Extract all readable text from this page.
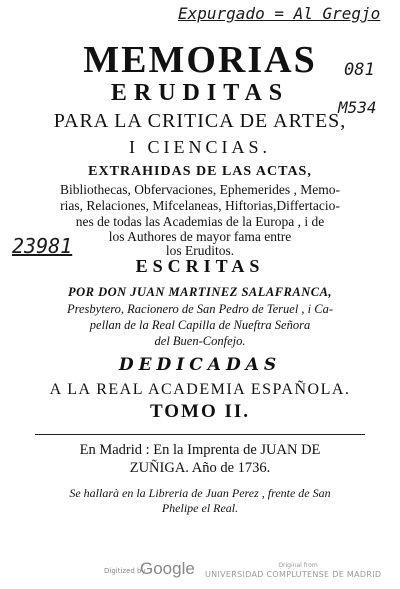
Expurgado = Al Gregjo
081
M534
23981
MEMORIAS
ERUDITAS
PARA LA CRITICA DE ARTES,
I CIENCIAS.
EXTRAHIDAS DE LAS ACTAS,
Bibliothecas, Obfervaciones, Ephemerides , Memo-
rias, Relaciones, Mifcelaneas, Hiftorias,Differtacio-
nes de todas las Academias de la Europa , i de
los Authores de mayor fama entre
los Eruditos.
ESCRITAS
POR DON JUAN MARTINEZ SALAFRANCA,
Presbytero, Racionero de San Pedro de Teruel , i Ca-
pellan de la Real Capilla de Nueftra Señora
del Buen-Confejo.
DEDICADAS
A LA REAL ACADEMIA ESPAÑOLA.
TOMO II.
En Madrid : En la Imprenta de JUAN DE
ZUÑIGA. Año de 1736.
Se hallarà en la Libreria de Juan Perez , frente de San
Phelipe el Real.
Digitized by
Google	Original from
UNIVERSIDAD COMPLUTENSE DE MADRID
